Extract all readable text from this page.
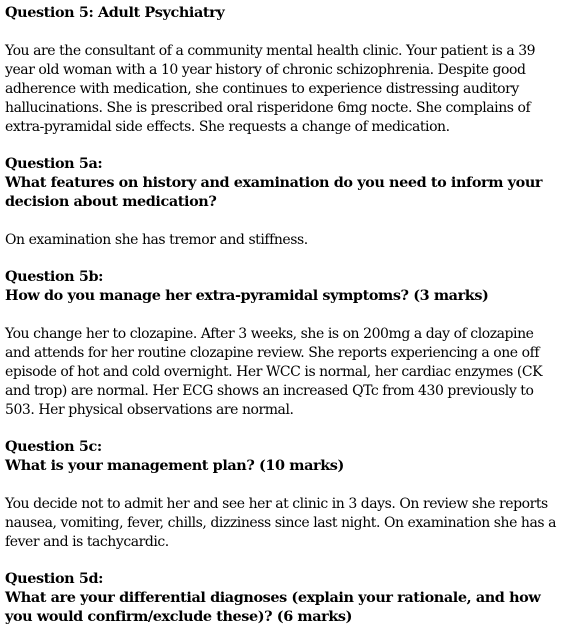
Question 5: Adult Psychiatry

You are the consultant of a community mental health clinic. Your patient is a 39 year old woman with a 10 year history of chronic schizophrenia. Despite good adherence with medication, she continues to experience distressing auditory hallucinations. She is prescribed oral risperidone 6mg nocte. She complains of extra-pyramidal side effects. She requests a change of medication.

Question 5a:

What features on history and examination do you need to inform your decision about medication?

On examination she has tremor and stiffness.

Question 5b:

How do you manage her extra-pyramidal symptoms? (3 marks)

You change her to clozapine. After 3 weeks, she is on 200mg a day of clozapine and attends for her routine clozapine review. She reports experiencing a one off episode of hot and cold overnight. Her WCC is normal, her cardiac enzymes (CK and trop) are normal. Her ECG shows an increased QTc from 430 previously to 503. Her physical observations are normal.

Question 5c:

What is your management plan? (10 marks)

You decide not to admit her and see her at clinic in 3 days. On review she reports nausea, vomiting, fever, chills, dizziness since last night. On examination she has a fever and is tachycardic.

Question 5d:

What are your differential diagnoses (explain your rationale, and how you would confirm/exclude these)? (6 marks)
